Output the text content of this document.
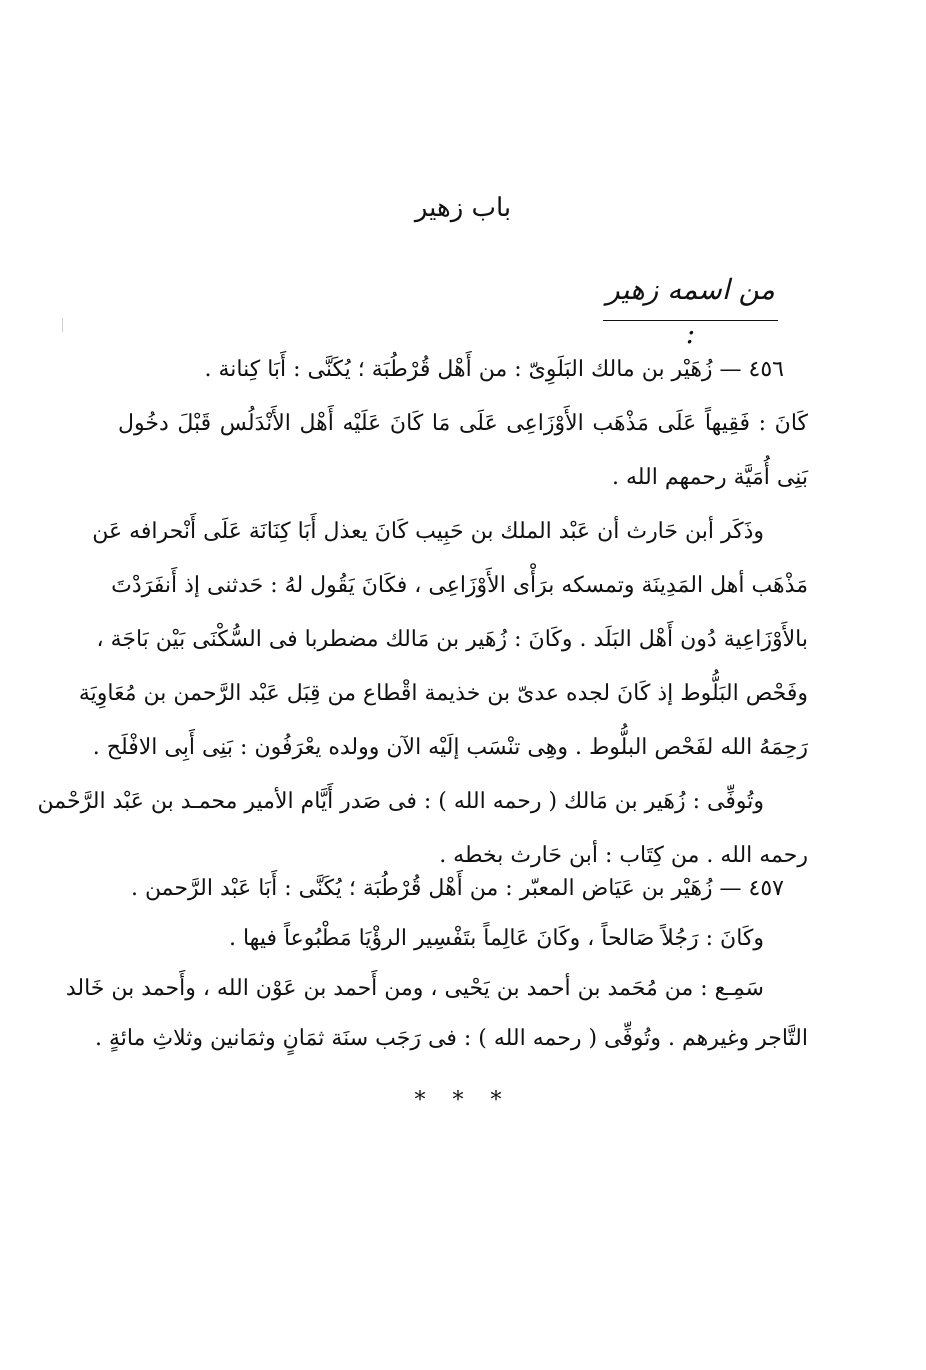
باب زهير
من اسمه زهير :
٤٥٦ — زُهَيْر بن مالك البَلَوِىّ : من أَهْل قُرْطُبَة ؛ يُكَنَّى : أَبَا كِنانة .
كَانَ : فَقِيهاً عَلَى مَذْهَب الأَوْزَاعِى عَلَى مَا كَانَ عَلَيْه أَهْل الأَنْدَلُس قَبْلَ دخُول
بَنِى أُمَيَّة رحمهم الله .
وذَكَر أبن حَارث أن عَبْد الملك بن حَبِيب كَانَ يعذل أَبَا كِنَانَة عَلَى أَنْحرافه عَن
مَذْهَب أهل المَدِينَة وتمسكه برَأْى الأَوْزَاعِى ، فكَانَ يَقُول لهُ : حَدثنى إذ أَنفَرَدْتَ
بالأَوْزَاعِية دُون أَهْل البَلَد . وكَانَ : زُهَير بن مَالك مضطربا فى السُّكْنَى بَيْن بَاجَة ،
وفَحْص البَلُّوط إذ كَانَ لجده عدىّ بن خذيمة اقْطاع من قِبَل عَبْد الرَّحمن بن مُعَاوِيَة
رَحِمَهُ الله لفَحْص البلُّوط . وهِى تنْسَب إلَيْه الآن وولده يعْرَفُون : بَنِى أَبِى الافْلَح .
وتُوفِّى : زُهَير بن مَالك ( رحمه الله ) : فى صَدر أَيَّام الأمير محمـد بن عَبْد الرَّحْمن
رحمه الله . من كِتَاب : أبن حَارث بخطه .
٤٥٧ — زُهَيْر بن عَيَاض المعبّر : من أَهْل قُرْطُبَة ؛ يُكَنَّى : أَبَا عَبْد الرَّحمن .
وكَانَ : رَجُلاً صَالحاً ، وكَانَ عَالِماً بتَفْسِير الرؤْيَا مَطْبُوعاً فيها .
سَمِـع : من مُحَمد بن أحمد بن يَحْيى ، ومن أَحمد بن عَوْن الله ، وأَحمد بن خَالد
التَّاجر وغيرهم . وتُوفِّى ( رحمه الله ) : فى رَجَب سنَة ثمَانٍ وثمَانين وثلاثِ مائةٍ .
* * *
